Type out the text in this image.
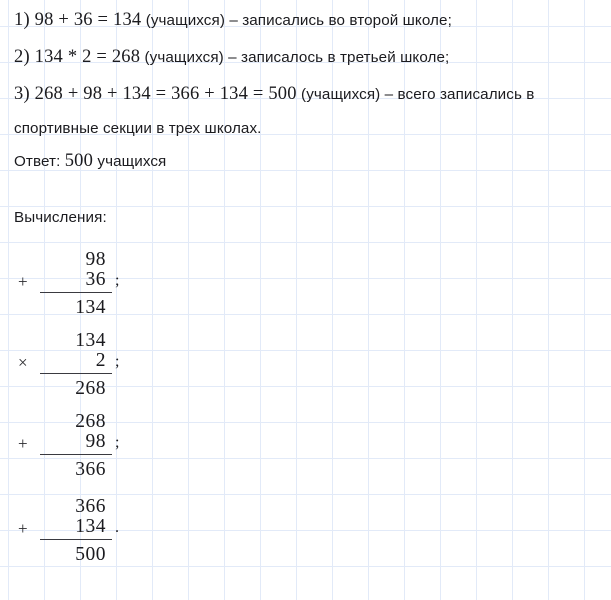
1) 98 + 36 = 134 (учащихся) – записались во второй школе;
2) 134 * 2 = 268 (учащихся) – записалось в третьей школе;
3) 268 + 98 + 134 = 366 + 134 = 500 (учащихся) – всего записались в
спортивные секции в трех школах.
Ответ: 500 учащихся
Вычисления:
98
+	36 ;
134
134
×	2 ;
268
268
+	98 ;
366
366
+	134 .
500
